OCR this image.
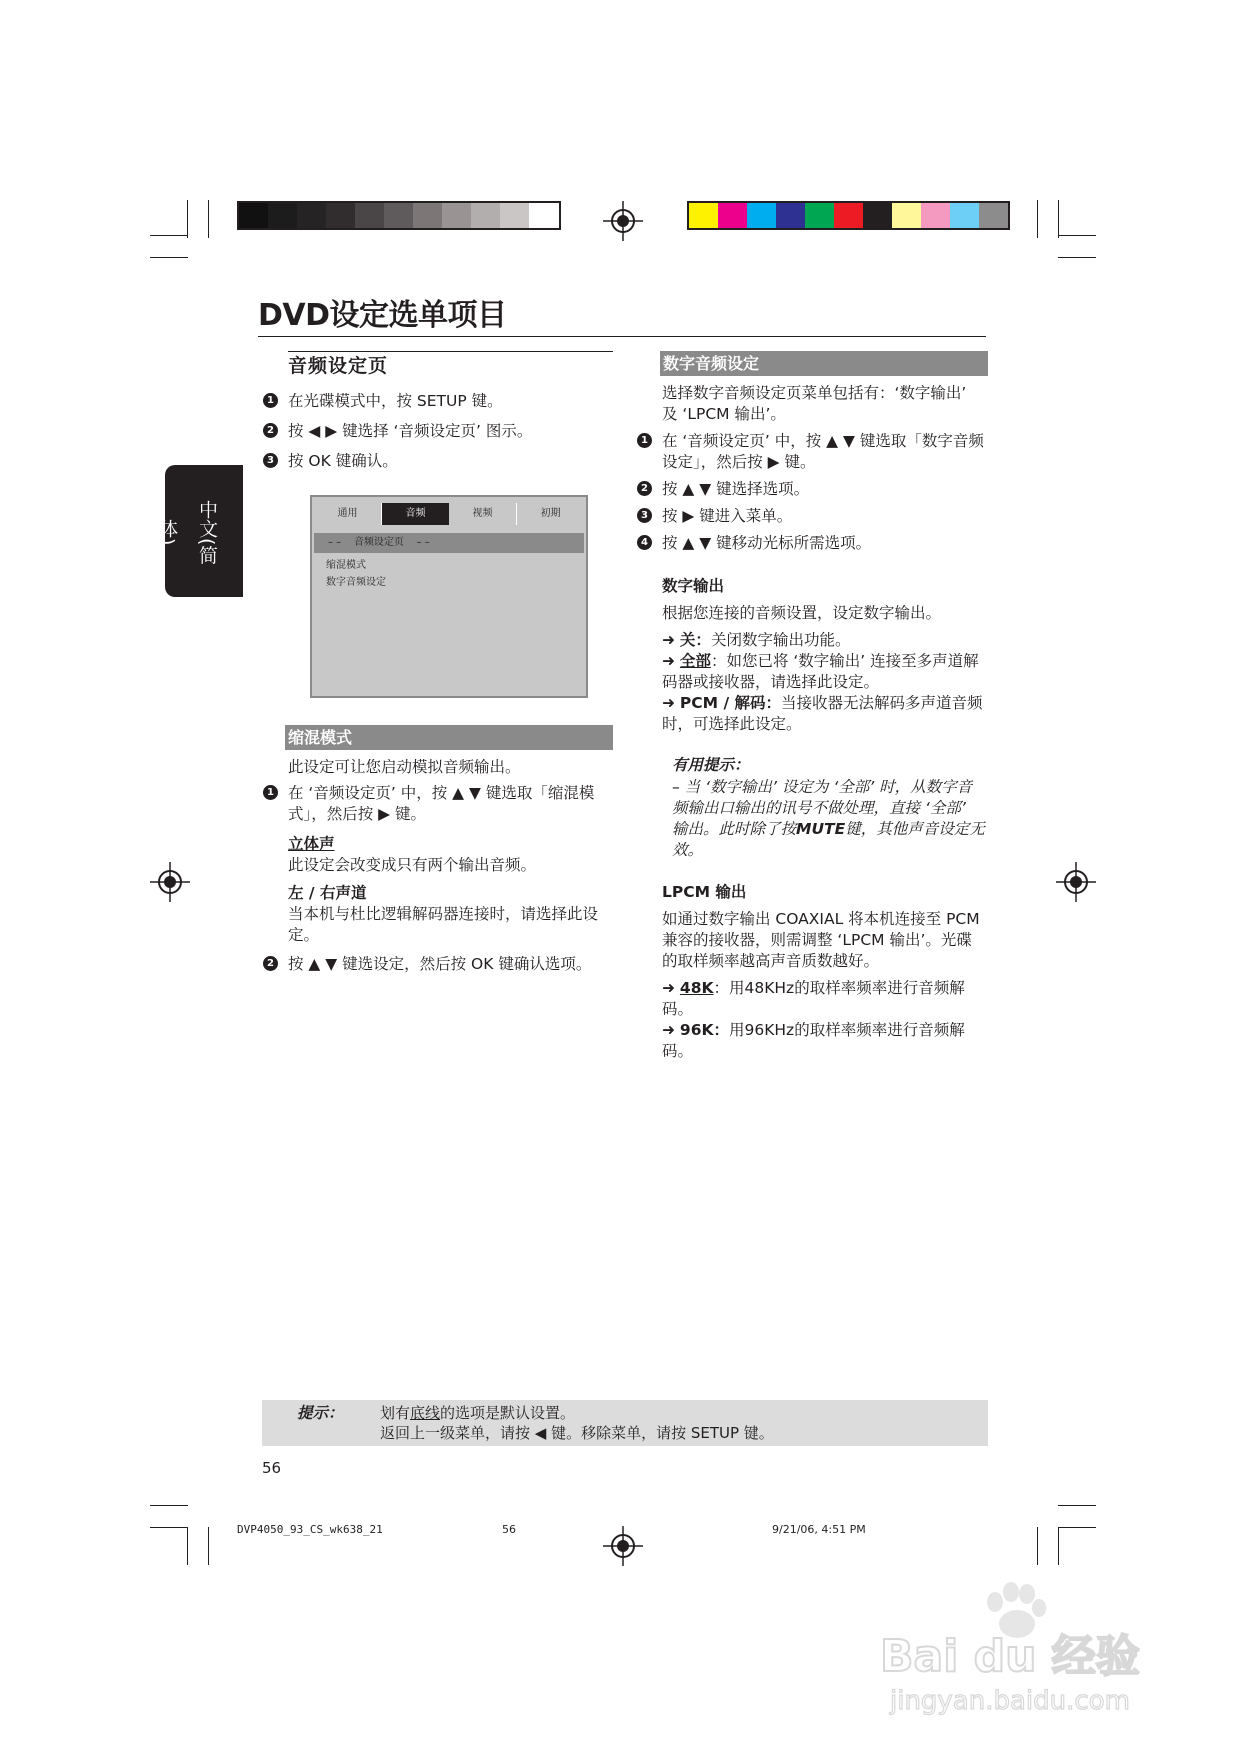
DVD设定选单项目
中文(简体)
音频设定页
1 在光碟模式中，按 SETUP 键。
2 按 ◀ ▶ 键选择 ‘音频设定页’ 图示。
3 按 OK 键确认。
通用	音频	视频	初期
– –    音频设定页    – –
缩混模式
数字音频设定
缩混模式
此设定可让您启动模拟音频输出。
1 在 ‘音频设定页’ 中，按 ▲ ▼ 键选取「缩混模式」，然后按 ▶ 键。
立体声
此设定会改变成只有两个输出音频。
左 / 右声道
当本机与杜比逻辑解码器连接时，请选择此设定。
2 按 ▲ ▼ 键选设定，然后按 OK 键确认选项。
数字音频设定
选择数字音频设定页菜单包括有：‘数字输出’ 及 ‘LPCM 输出’。
1 在 ‘音频设定页’ 中，按 ▲ ▼ 键选取「数字音频设定」，然后按 ▶ 键。
2 按 ▲ ▼ 键选择选项。
3 按 ▶ 键进入菜单。
4 按 ▲ ▼ 键移动光标所需选项。
数字输出
根据您连接的音频设置，设定数字输出。
➜ 关：关闭数字输出功能。
➜ 全部：如您已将 ‘数字输出’ 连接至多声道解码器或接收器，请选择此设定。
➜ PCM / 解码：当接收器无法解码多声道音频时，可选择此设定。
有用提示：
– 当 ‘数字输出’ 设定为 ‘全部’ 时，从数字音频输出口输出的讯号不做处理，直接 ‘全部’ 输出。此时除了按MUTE键，其他声音设定无效。
LPCM 输出
如通过数字输出 COAXIAL 将本机连接至 PCM 兼容的接收器，则需调整 ‘LPCM 输出’。光碟的取样频率越高声音质数越好。
➜ 48K：用48KHz的取样率频率进行音频解码。
➜ 96K：用96KHz的取样率频率进行音频解码。
提示： 划有底线的选项是默认设置。
返回上一级菜单，请按 ◀ 键。移除菜单，请按 SETUP 键。
56
DVP4050_93_CS_wk638_21	56	9/21/06, 4:51 PM
Bai du 经验
jingyan.baidu.com
